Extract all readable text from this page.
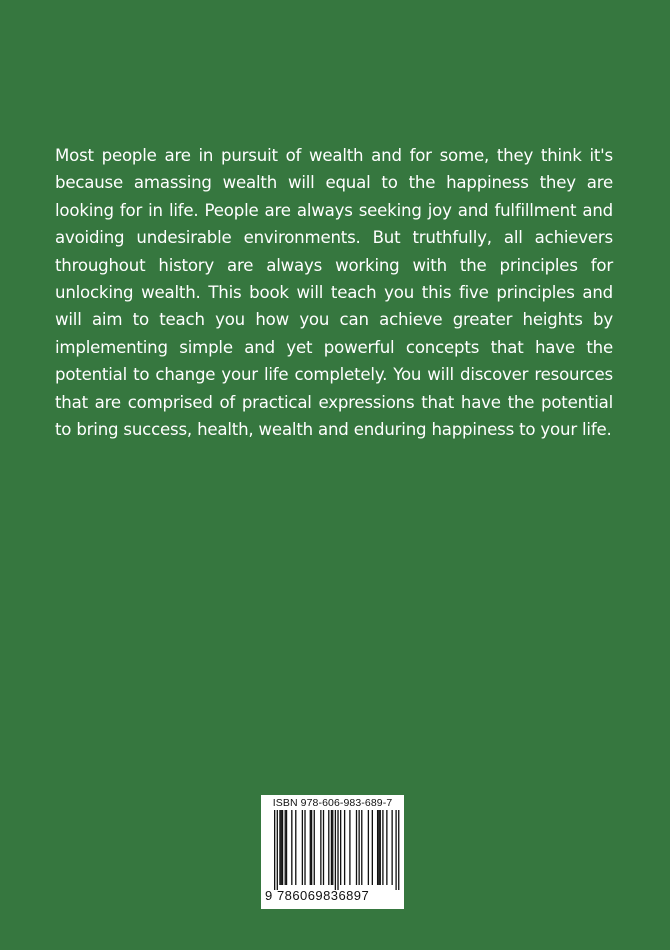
Most people are in pursuit of wealth and for some, they think it's because amassing wealth will equal to the happiness they are looking for in life. People are always seeking joy and fulfillment and avoiding undesirable environments. But truthfully, all achievers throughout history are always working with the principles for unlocking wealth. This book will teach you this five principles and will aim to teach you how you can achieve greater heights by implementing simple and yet powerful concepts that have the potential to change your life completely. You will discover resources that are comprised of practical expressions that have the potential to bring success, health, wealth and enduring happiness to your life.

ISBN 978-606-983-689-7
9 786069836897
